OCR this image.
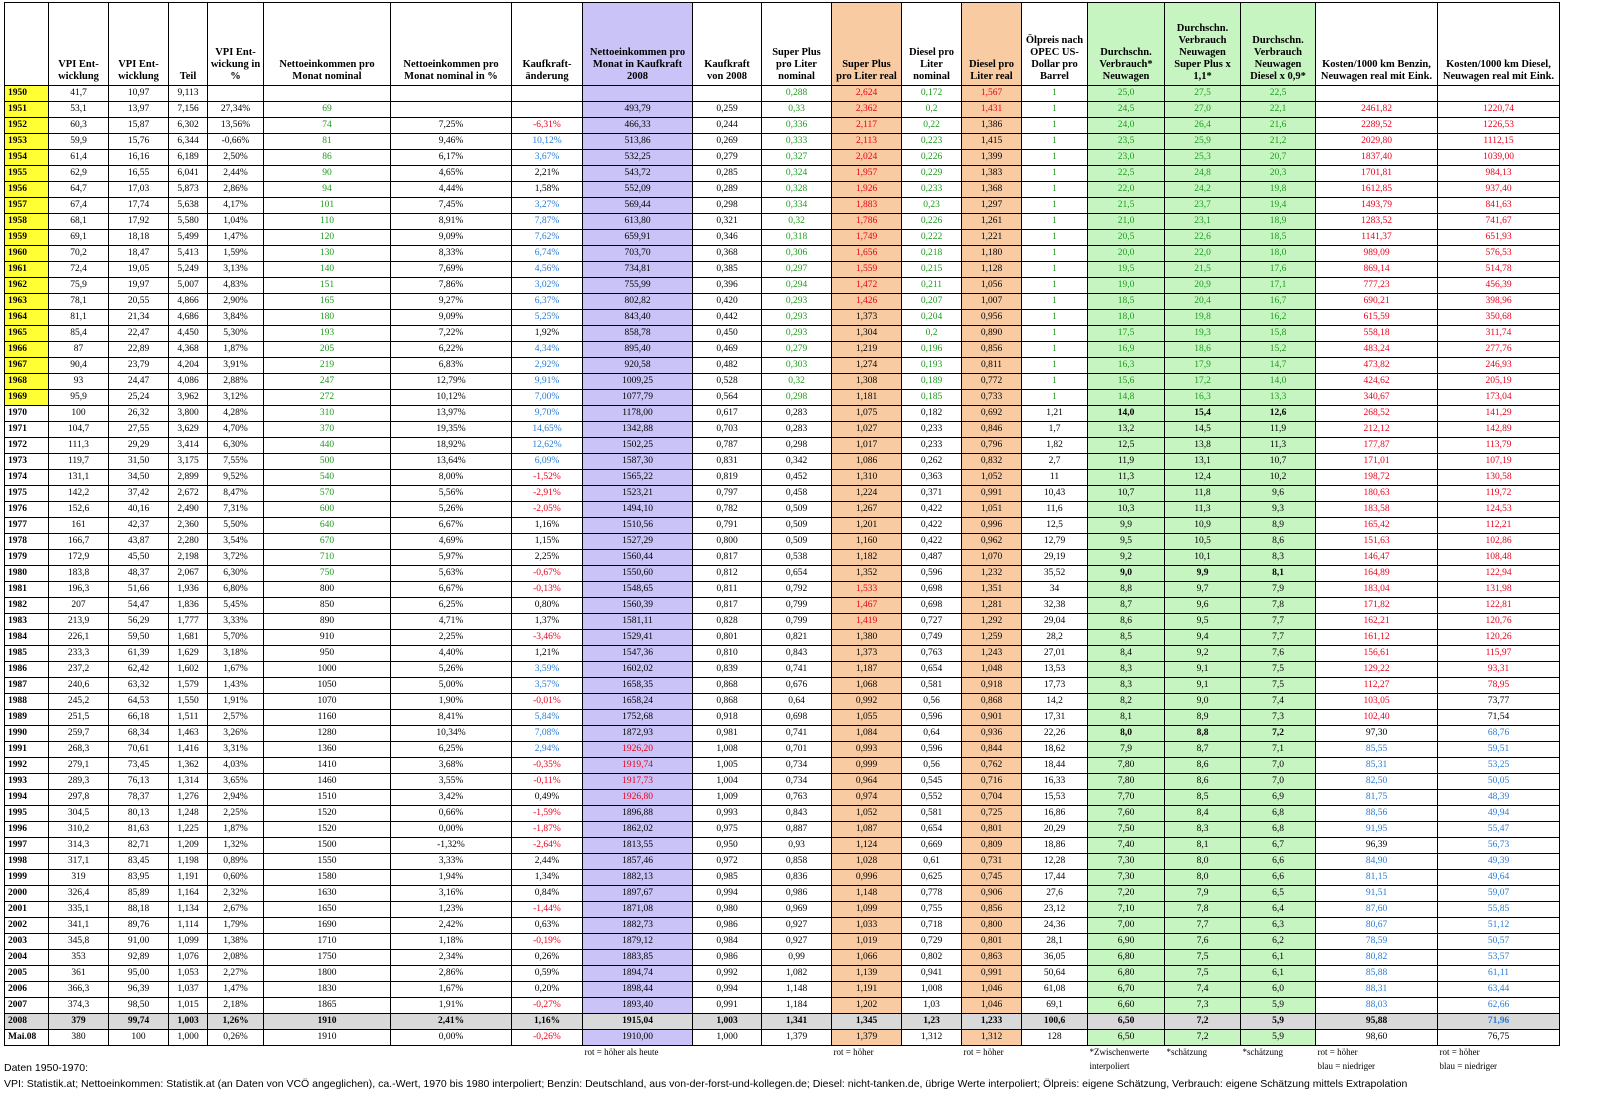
	VPI Ent-wicklung	VPI Ent-wicklung	Teil	VPI Ent-wickung in %	Nettoeinkommen pro Monat nominal	Nettoeinkommen pro Monat nominal in %	Kaufkraft-änderung	Nettoeinkommen pro Monat in Kaufkraft 2008	Kaufkraft von 2008	Super Plus pro Liter nominal	Super Plus pro Liter real	Diesel pro Liter nominal	Diesel pro Liter real	Ölpreis nach OPEC US-Dollar pro Barrel	Durchschn. Verbrauch* Neuwagen	Durchschn. Verbrauch Neuwagen Super Plus x 1,1*	Durchschn. Verbrauch Neuwagen Diesel x 0,9*	Kosten/1000 km Benzin, Neuwagen real mit Eink.	Kosten/1000 km Diesel, Neuwagen real mit Eink.
1950	41,7	10,97	9,113							0,288	2,624	0,172	1,567	1	25,0	27,5	22,5		
1951	53,1	13,97	7,156	27,34%	69			493,79	0,259	0,33	2,362	0,2	1,431	1	24,5	27,0	22,1	2461,82	1220,74
1952	60,3	15,87	6,302	13,56%	74	7,25%	-6,31%	466,33	0,244	0,336	2,117	0,22	1,386	1	24,0	26,4	21,6	2289,52	1226,53
1953	59,9	15,76	6,344	-0,66%	81	9,46%	10,12%	513,86	0,269	0,333	2,113	0,223	1,415	1	23,5	25,9	21,2	2029,80	1112,15
1954	61,4	16,16	6,189	2,50%	86	6,17%	3,67%	532,25	0,279	0,327	2,024	0,226	1,399	1	23,0	25,3	20,7	1837,40	1039,00
1955	62,9	16,55	6,041	2,44%	90	4,65%	2,21%	543,72	0,285	0,324	1,957	0,229	1,383	1	22,5	24,8	20,3	1701,81	984,13
1956	64,7	17,03	5,873	2,86%	94	4,44%	1,58%	552,09	0,289	0,328	1,926	0,233	1,368	1	22,0	24,2	19,8	1612,85	937,40
1957	67,4	17,74	5,638	4,17%	101	7,45%	3,27%	569,44	0,298	0,334	1,883	0,23	1,297	1	21,5	23,7	19,4	1493,79	841,63
1958	68,1	17,92	5,580	1,04%	110	8,91%	7,87%	613,80	0,321	0,32	1,786	0,226	1,261	1	21,0	23,1	18,9	1283,52	741,67
1959	69,1	18,18	5,499	1,47%	120	9,09%	7,62%	659,91	0,346	0,318	1,749	0,222	1,221	1	20,5	22,6	18,5	1141,37	651,93
1960	70,2	18,47	5,413	1,59%	130	8,33%	6,74%	703,70	0,368	0,306	1,656	0,218	1,180	1	20,0	22,0	18,0	989,09	576,53
1961	72,4	19,05	5,249	3,13%	140	7,69%	4,56%	734,81	0,385	0,297	1,559	0,215	1,128	1	19,5	21,5	17,6	869,14	514,78
1962	75,9	19,97	5,007	4,83%	151	7,86%	3,02%	755,99	0,396	0,294	1,472	0,211	1,056	1	19,0	20,9	17,1	777,23	456,39
1963	78,1	20,55	4,866	2,90%	165	9,27%	6,37%	802,82	0,420	0,293	1,426	0,207	1,007	1	18,5	20,4	16,7	690,21	398,96
1964	81,1	21,34	4,686	3,84%	180	9,09%	5,25%	843,40	0,442	0,293	1,373	0,204	0,956	1	18,0	19,8	16,2	615,59	350,68
1965	85,4	22,47	4,450	5,30%	193	7,22%	1,92%	858,78	0,450	0,293	1,304	0,2	0,890	1	17,5	19,3	15,8	558,18	311,74
1966	87	22,89	4,368	1,87%	205	6,22%	4,34%	895,40	0,469	0,279	1,219	0,196	0,856	1	16,9	18,6	15,2	483,24	277,76
1967	90,4	23,79	4,204	3,91%	219	6,83%	2,92%	920,58	0,482	0,303	1,274	0,193	0,811	1	16,3	17,9	14,7	473,82	246,93
1968	93	24,47	4,086	2,88%	247	12,79%	9,91%	1009,25	0,528	0,32	1,308	0,189	0,772	1	15,6	17,2	14,0	424,62	205,19
1969	95,9	25,24	3,962	3,12%	272	10,12%	7,00%	1077,79	0,564	0,298	1,181	0,185	0,733	1	14,8	16,3	13,3	340,67	173,04
1970	100	26,32	3,800	4,28%	310	13,97%	9,70%	1178,00	0,617	0,283	1,075	0,182	0,692	1,21	14,0	15,4	12,6	268,52	141,29
1971	104,7	27,55	3,629	4,70%	370	19,35%	14,65%	1342,88	0,703	0,283	1,027	0,233	0,846	1,7	13,2	14,5	11,9	212,12	142,89
1972	111,3	29,29	3,414	6,30%	440	18,92%	12,62%	1502,25	0,787	0,298	1,017	0,233	0,796	1,82	12,5	13,8	11,3	177,87	113,79
1973	119,7	31,50	3,175	7,55%	500	13,64%	6,09%	1587,30	0,831	0,342	1,086	0,262	0,832	2,7	11,9	13,1	10,7	171,01	107,19
1974	131,1	34,50	2,899	9,52%	540	8,00%	-1,52%	1565,22	0,819	0,452	1,310	0,363	1,052	11	11,3	12,4	10,2	198,72	130,58
1975	142,2	37,42	2,672	8,47%	570	5,56%	-2,91%	1523,21	0,797	0,458	1,224	0,371	0,991	10,43	10,7	11,8	9,6	180,63	119,72
1976	152,6	40,16	2,490	7,31%	600	5,26%	-2,05%	1494,10	0,782	0,509	1,267	0,422	1,051	11,6	10,3	11,3	9,3	183,58	124,53
1977	161	42,37	2,360	5,50%	640	6,67%	1,16%	1510,56	0,791	0,509	1,201	0,422	0,996	12,5	9,9	10,9	8,9	165,42	112,21
1978	166,7	43,87	2,280	3,54%	670	4,69%	1,15%	1527,29	0,800	0,509	1,160	0,422	0,962	12,79	9,5	10,5	8,6	151,63	102,86
1979	172,9	45,50	2,198	3,72%	710	5,97%	2,25%	1560,44	0,817	0,538	1,182	0,487	1,070	29,19	9,2	10,1	8,3	146,47	108,48
1980	183,8	48,37	2,067	6,30%	750	5,63%	-0,67%	1550,60	0,812	0,654	1,352	0,596	1,232	35,52	9,0	9,9	8,1	164,89	122,94
1981	196,3	51,66	1,936	6,80%	800	6,67%	-0,13%	1548,65	0,811	0,792	1,533	0,698	1,351	34	8,8	9,7	7,9	183,04	131,98
1982	207	54,47	1,836	5,45%	850	6,25%	0,80%	1560,39	0,817	0,799	1,467	0,698	1,281	32,38	8,7	9,6	7,8	171,82	122,81
1983	213,9	56,29	1,777	3,33%	890	4,71%	1,37%	1581,11	0,828	0,799	1,419	0,727	1,292	29,04	8,6	9,5	7,7	162,21	120,76
1984	226,1	59,50	1,681	5,70%	910	2,25%	-3,46%	1529,41	0,801	0,821	1,380	0,749	1,259	28,2	8,5	9,4	7,7	161,12	120,26
1985	233,3	61,39	1,629	3,18%	950	4,40%	1,21%	1547,36	0,810	0,843	1,373	0,763	1,243	27,01	8,4	9,2	7,6	156,61	115,97
1986	237,2	62,42	1,602	1,67%	1000	5,26%	3,59%	1602,02	0,839	0,741	1,187	0,654	1,048	13,53	8,3	9,1	7,5	129,22	93,31
1987	240,6	63,32	1,579	1,43%	1050	5,00%	3,57%	1658,35	0,868	0,676	1,068	0,581	0,918	17,73	8,3	9,1	7,5	112,27	78,95
1988	245,2	64,53	1,550	1,91%	1070	1,90%	-0,01%	1658,24	0,868	0,64	0,992	0,56	0,868	14,2	8,2	9,0	7,4	103,05	73,77
1989	251,5	66,18	1,511	2,57%	1160	8,41%	5,84%	1752,68	0,918	0,698	1,055	0,596	0,901	17,31	8,1	8,9	7,3	102,40	71,54
1990	259,7	68,34	1,463	3,26%	1280	10,34%	7,08%	1872,93	0,981	0,741	1,084	0,64	0,936	22,26	8,0	8,8	7,2	97,30	68,76
1991	268,3	70,61	1,416	3,31%	1360	6,25%	2,94%	1926,20	1,008	0,701	0,993	0,596	0,844	18,62	7,9	8,7	7,1	85,55	59,51
1992	279,1	73,45	1,362	4,03%	1410	3,68%	-0,35%	1919,74	1,005	0,734	0,999	0,56	0,762	18,44	7,80	8,6	7,0	85,31	53,25
1993	289,3	76,13	1,314	3,65%	1460	3,55%	-0,11%	1917,73	1,004	0,734	0,964	0,545	0,716	16,33	7,80	8,6	7,0	82,50	50,05
1994	297,8	78,37	1,276	2,94%	1510	3,42%	0,49%	1926,80	1,009	0,763	0,974	0,552	0,704	15,53	7,70	8,5	6,9	81,75	48,39
1995	304,5	80,13	1,248	2,25%	1520	0,66%	-1,59%	1896,88	0,993	0,843	1,052	0,581	0,725	16,86	7,60	8,4	6,8	88,56	49,94
1996	310,2	81,63	1,225	1,87%	1520	0,00%	-1,87%	1862,02	0,975	0,887	1,087	0,654	0,801	20,29	7,50	8,3	6,8	91,95	55,47
1997	314,3	82,71	1,209	1,32%	1500	-1,32%	-2,64%	1813,55	0,950	0,93	1,124	0,669	0,809	18,86	7,40	8,1	6,7	96,39	56,73
1998	317,1	83,45	1,198	0,89%	1550	3,33%	2,44%	1857,46	0,972	0,858	1,028	0,61	0,731	12,28	7,30	8,0	6,6	84,90	49,39
1999	319	83,95	1,191	0,60%	1580	1,94%	1,34%	1882,13	0,985	0,836	0,996	0,625	0,745	17,44	7,30	8,0	6,6	81,15	49,64
2000	326,4	85,89	1,164	2,32%	1630	3,16%	0,84%	1897,67	0,994	0,986	1,148	0,778	0,906	27,6	7,20	7,9	6,5	91,51	59,07
2001	335,1	88,18	1,134	2,67%	1650	1,23%	-1,44%	1871,08	0,980	0,969	1,099	0,755	0,856	23,12	7,10	7,8	6,4	87,60	55,85
2002	341,1	89,76	1,114	1,79%	1690	2,42%	0,63%	1882,73	0,986	0,927	1,033	0,718	0,800	24,36	7,00	7,7	6,3	80,67	51,12
2003	345,8	91,00	1,099	1,38%	1710	1,18%	-0,19%	1879,12	0,984	0,927	1,019	0,729	0,801	28,1	6,90	7,6	6,2	78,59	50,57
2004	353	92,89	1,076	2,08%	1750	2,34%	0,26%	1883,85	0,986	0,99	1,066	0,802	0,863	36,05	6,80	7,5	6,1	80,82	53,57
2005	361	95,00	1,053	2,27%	1800	2,86%	0,59%	1894,74	0,992	1,082	1,139	0,941	0,991	50,64	6,80	7,5	6,1	85,88	61,11
2006	366,3	96,39	1,037	1,47%	1830	1,67%	0,20%	1898,44	0,994	1,148	1,191	1,008	1,046	61,08	6,70	7,4	6,0	88,31	63,44
2007	374,3	98,50	1,015	2,18%	1865	1,91%	-0,27%	1893,40	0,991	1,184	1,202	1,03	1,046	69,1	6,60	7,3	5,9	88,03	62,66
2008	379	99,74	1,003	1,26%	1910	2,41%	1,16%	1915,04	1,003	1,341	1,345	1,23	1,233	100,6	6,50	7,2	5,9	95,88	71,96
Mai.08	380	100	1,000	0,26%	1910	0,00%	-0,26%	1910,00	1,000	1,379	1,379	1,312	1,312	128	6,50	7,2	5,9	98,60	76,75
								rot = höher als heute			rot = höher		rot = höher		*Zwischenwerte	*schätzung	*schätzung	rot = höher	rot = höher
															interpoliert			blau = niedriger	blau = niedriger
Daten 1950-1970:
VPI: Statistik.at; Nettoeinkommen: Statistik.at (an Daten von VCÖ angeglichen), ca.-Wert, 1970 bis 1980 interpoliert; Benzin: Deutschland, aus von-der-forst-und-kollegen.de; Diesel: nicht-tanken.de, übrige Werte interpoliert; Ölpreis: eigene Schätzung, Verbrauch: eigene Schätzung mittels Extrapolation
